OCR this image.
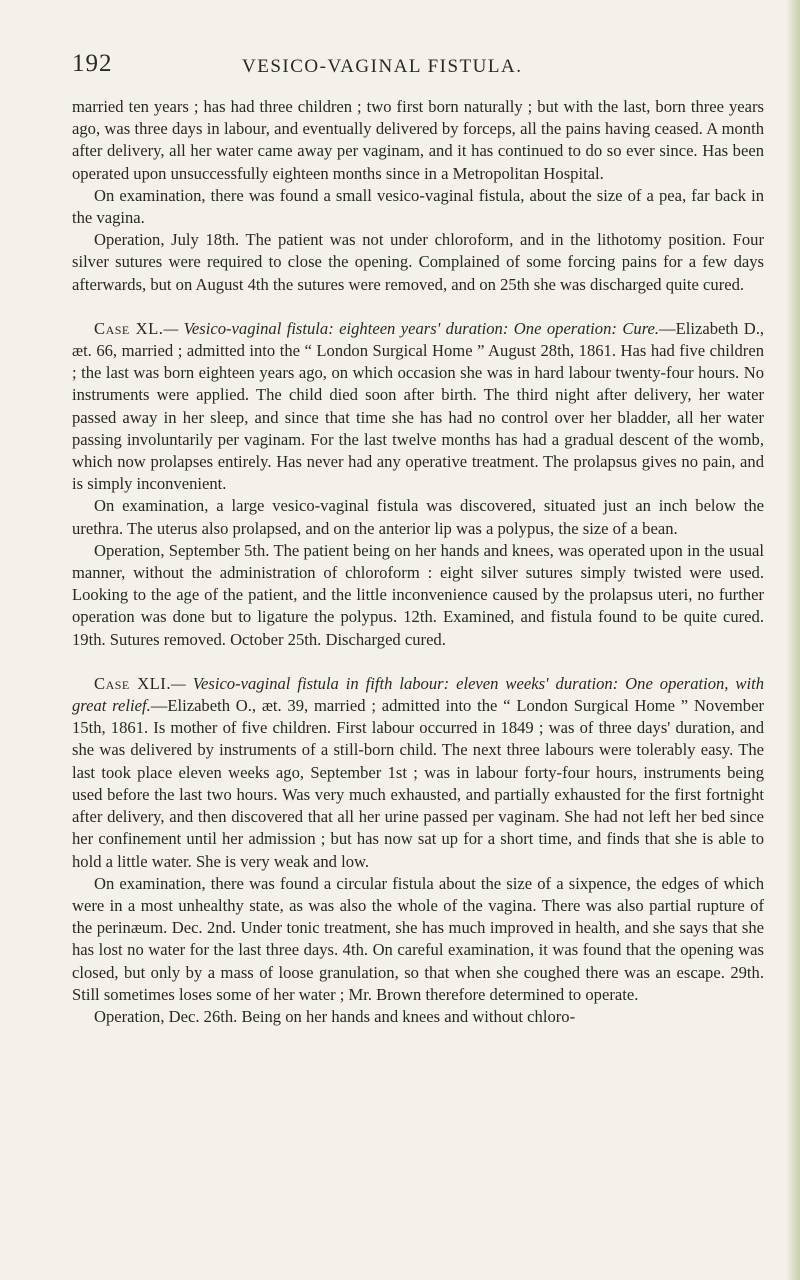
192	VESICO-VAGINAL FISTULA.

married ten years ; has had three children ; two first born naturally ; but with the last, born three years ago, was three days in labour, and eventually delivered by forceps, all the pains having ceased. A month after delivery, all her water came away per vaginam, and it has continued to do so ever since. Has been operated upon unsuccessfully eighteen months since in a Metropolitan Hospital.

On examination, there was found a small vesico-vaginal fistula, about the size of a pea, far back in the vagina.

Operation, July 18th. The patient was not under chloroform, and in the lithotomy position. Four silver sutures were required to close the opening. Complained of some forcing pains for a few days afterwards, but on August 4th the sutures were removed, and on 25th she was discharged quite cured.

Case XL.— Vesico-vaginal fistula: eighteen years' duration: One operation: Cure.—Elizabeth D., æt. 66, married ; admitted into the “ London Surgical Home ” August 28th, 1861. Has had five children ; the last was born eighteen years ago, on which occasion she was in hard labour twenty-four hours. No instruments were applied. The child died soon after birth. The third night after delivery, her water passed away in her sleep, and since that time she has had no control over her bladder, all her water passing involuntarily per vaginam. For the last twelve months has had a gradual descent of the womb, which now prolapses entirely. Has never had any operative treatment. The prolapsus gives no pain, and is simply inconvenient.

On examination, a large vesico-vaginal fistula was discovered, situated just an inch below the urethra. The uterus also prolapsed, and on the anterior lip was a polypus, the size of a bean.

Operation, September 5th. The patient being on her hands and knees, was operated upon in the usual manner, without the administration of chloroform : eight silver sutures simply twisted were used. Looking to the age of the patient, and the little inconvenience caused by the prolapsus uteri, no further operation was done but to ligature the polypus. 12th. Examined, and fistula found to be quite cured. 19th. Sutures removed. October 25th. Discharged cured.

Case XLI.— Vesico-vaginal fistula in fifth labour: eleven weeks' duration: One operation, with great relief.—Elizabeth O., æt. 39, married ; admitted into the “ London Surgical Home ” November 15th, 1861. Is mother of five children. First labour occurred in 1849 ; was of three days' duration, and she was delivered by instruments of a still-born child. The next three labours were tolerably easy. The last took place eleven weeks ago, September 1st ; was in labour forty-four hours, instruments being used before the last two hours. Was very much exhausted, and partially exhausted for the first fortnight after delivery, and then discovered that all her urine passed per vaginam. She had not left her bed since her confinement until her admission ; but has now sat up for a short time, and finds that she is able to hold a little water. She is very weak and low.

On examination, there was found a circular fistula about the size of a sixpence, the edges of which were in a most unhealthy state, as was also the whole of the vagina. There was also partial rupture of the perinæum. Dec. 2nd. Under tonic treatment, she has much improved in health, and she says that she has lost no water for the last three days. 4th. On careful examination, it was found that the opening was closed, but only by a mass of loose granulation, so that when she coughed there was an escape. 29th. Still sometimes loses some of her water ; Mr. Brown therefore determined to operate.

Operation, Dec. 26th. Being on her hands and knees and without chloro-
